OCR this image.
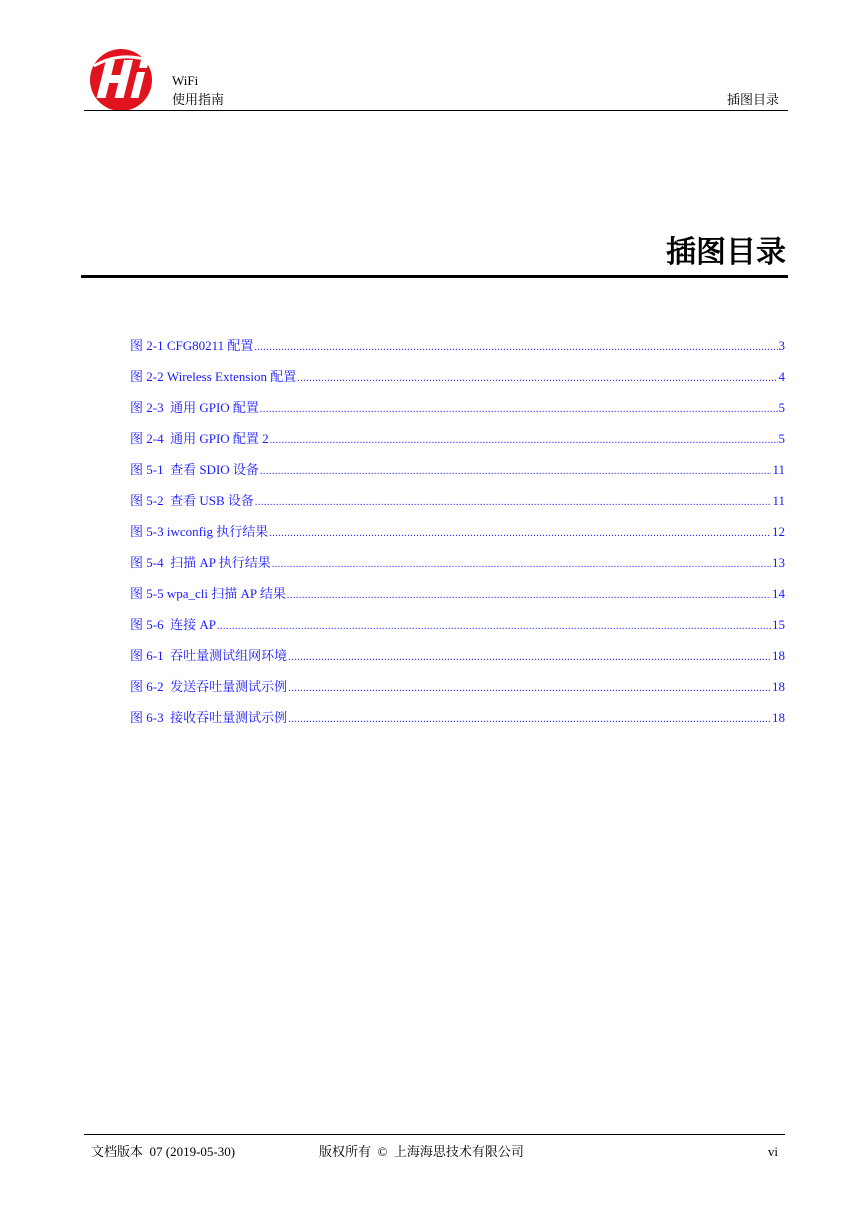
WiFi
使用指南	插图目录
插图目录
图 2-1 CFG80211 配置 .....	3
图 2-2 Wireless Extension 配置 .....	4
图 2-3  通用 GPIO 配置 .....	5
图 2-4  通用 GPIO 配置 2 .....	5
图 5-1  查看 SDIO 设备 .....	11
图 5-2  查看 USB 设备 .....	11
图 5-3 iwconfig 执行结果 .....	12
图 5-4  扫描 AP 执行结果 .....	13
图 5-5 wpa_cli 扫描 AP 结果 .....	14
图 5-6  连接 AP .....	15
图 6-1  吞吐量测试组网环境 .....	18
图 6-2  发送吞吐量测试示例 .....	18
图 6-3  接收吞吐量测试示例 .....	18
文档版本  07 (2019-05-30)	版权所有  ©  上海海思技术有限公司	vi
